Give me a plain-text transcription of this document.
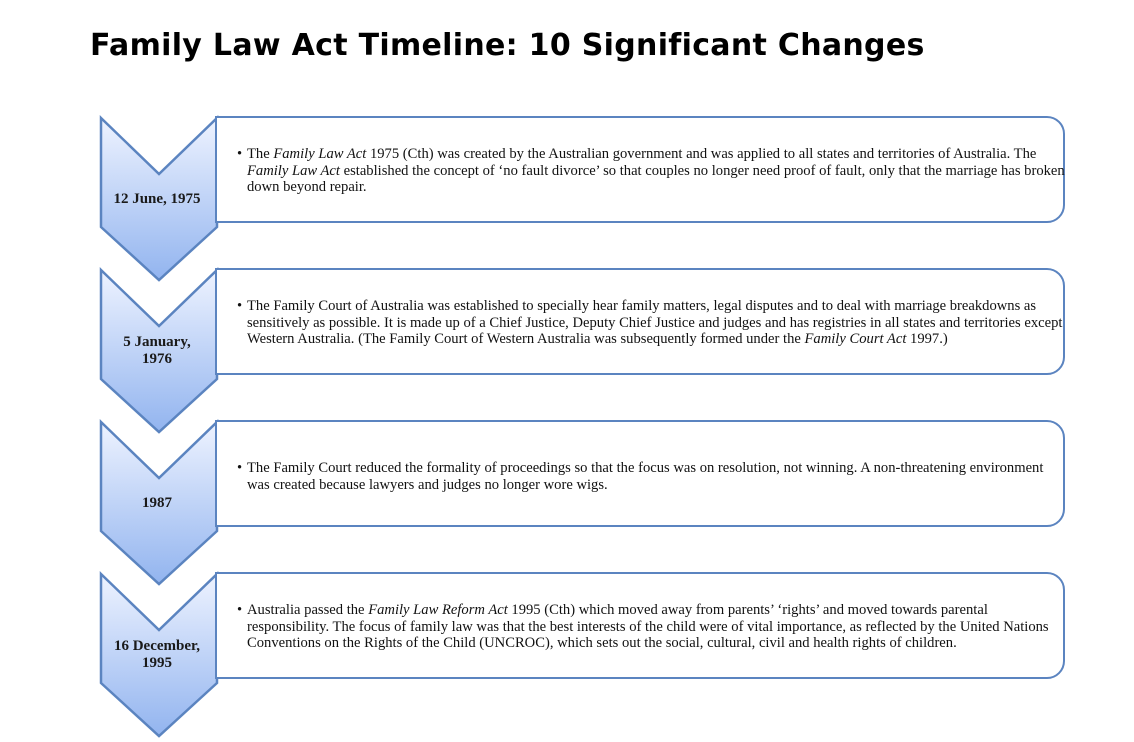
Family Law Act Timeline: 10 Significant Changes
12 June, 1975
• The Family Law Act 1975 (Cth) was created by the Australian government and was applied to all states and territories of Australia. The Family Law Act established the concept of ‘no fault divorce’ so that couples no longer need proof of fault, only that the marriage has broken down beyond repair.
5 January, 1976
• The Family Court of Australia was established to specially hear family matters, legal disputes and to deal with marriage breakdowns as sensitively as possible. It is made up of a Chief Justice, Deputy Chief Justice and judges and has registries in all states and territories except Western Australia. (The Family Court of Western Australia was subsequently formed under the Family Court Act 1997.)
1987
• The Family Court reduced the formality of proceedings so that the focus was on resolution, not winning. A non-threatening environment was created because lawyers and judges no longer wore wigs.
16 December, 1995
• Australia passed the Family Law Reform Act 1995 (Cth) which moved away from parents’ ‘rights’ and moved towards parental responsibility. The focus of family law was that the best interests of the child were of vital importance, as reflected by the United Nations Conventions on the Rights of the Child (UNCROC), which sets out the social, cultural, civil and health rights of children.
